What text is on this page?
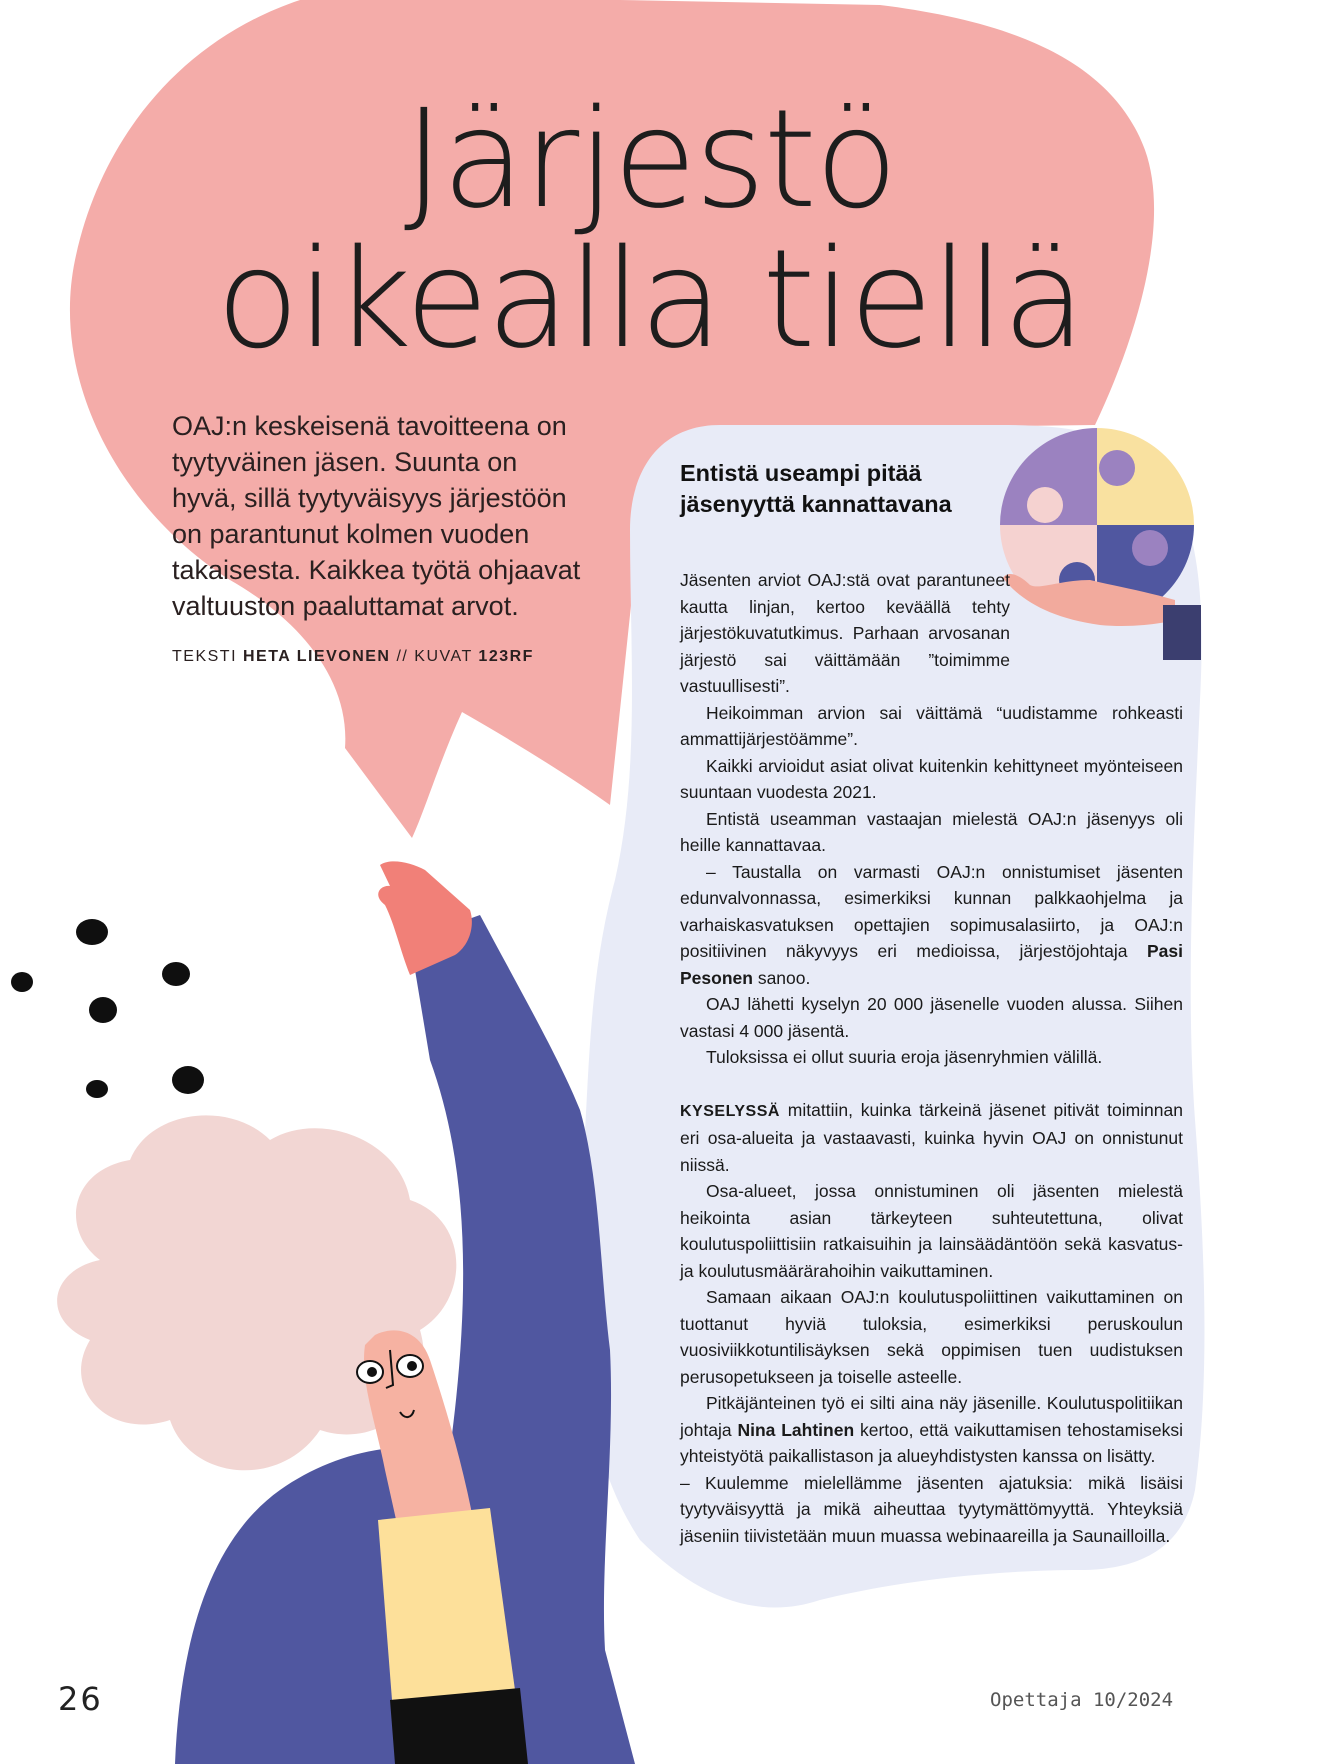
Järjestö
oikealla tiellä

OAJ:n keskeisenä tavoitteena on tyytyväinen jäsen. Suunta on hyvä, sillä tyytyväisyys järjestöön on parantunut kolmen vuoden takaisesta. Kaikkea työtä ohjaavat valtuuston paaluttamat arvot.

TEKSTI HETA LIEVONEN // KUVAT 123RF

Entistä useampi pitää jäsenyyttä kannattavana

Jäsenten arviot OAJ:stä ovat parantuneet kautta linjan, kertoo keväällä tehty järjestökuvatutkimus. Parhaan arvosanan järjestö sai väittämään ”toimimme vastuullisesti”.

Heikoimman arvion sai väittämä “uudistamme rohkeasti ammattijärjestöämme”.

Kaikki arvioidut asiat olivat kuitenkin kehittyneet myönteiseen suuntaan vuodesta 2021.

Entistä useamman vastaajan mielestä OAJ:n jäsenyys oli heille kannattavaa.

– Taustalla on varmasti OAJ:n onnistumiset jäsenten edunvalvonnassa, esimerkiksi kunnan palkkaohjelma ja varhaiskasvatuksen opettajien sopimusalasiirto, ja OAJ:n positiivinen näkyvyys eri medioissa, järjestöjohtaja Pasi Pesonen sanoo.

OAJ lähetti kyselyn 20 000 jäsenelle vuoden alussa. Siihen vastasi 4 000 jäsentä.

Tuloksissa ei ollut suuria eroja jäsenryhmien välillä.

KYSELYSSÄ mitattiin, kuinka tärkeinä jäsenet pitivät toiminnan eri osa-alueita ja vastaavasti, kuinka hyvin OAJ on onnistunut niissä.

Osa-alueet, jossa onnistuminen oli jäsenten mielestä heikointa asian tärkeyteen suhteutettuna, olivat koulutuspoliittisiin ratkaisuihin ja lainsäädäntöön sekä kasvatus- ja koulutusmäärärahoihin vaikuttaminen.

Samaan aikaan OAJ:n koulutuspoliittinen vaikuttaminen on tuottanut hyviä tuloksia, esimerkiksi peruskoulun vuosiviikkotuntilisäyksen sekä oppimisen tuen uudistuksen perusopetukseen ja toiselle asteelle.

Pitkäjänteinen työ ei silti aina näy jäsenille. Koulutuspolitiikan johtaja Nina Lahtinen kertoo, että vaikuttamisen tehostamiseksi yhteistyötä paikallistason ja alueyhdistysten kanssa on lisätty.

– Kuulemme mielellämme jäsenten ajatuksia: mikä lisäisi tyytyväisyyttä ja mikä aiheuttaa tyytymättömyyttä. Yhteyksiä jäseniin tiivistetään muun muassa webinaareilla ja Saunailloilla.

26	Opettaja 10/2024
